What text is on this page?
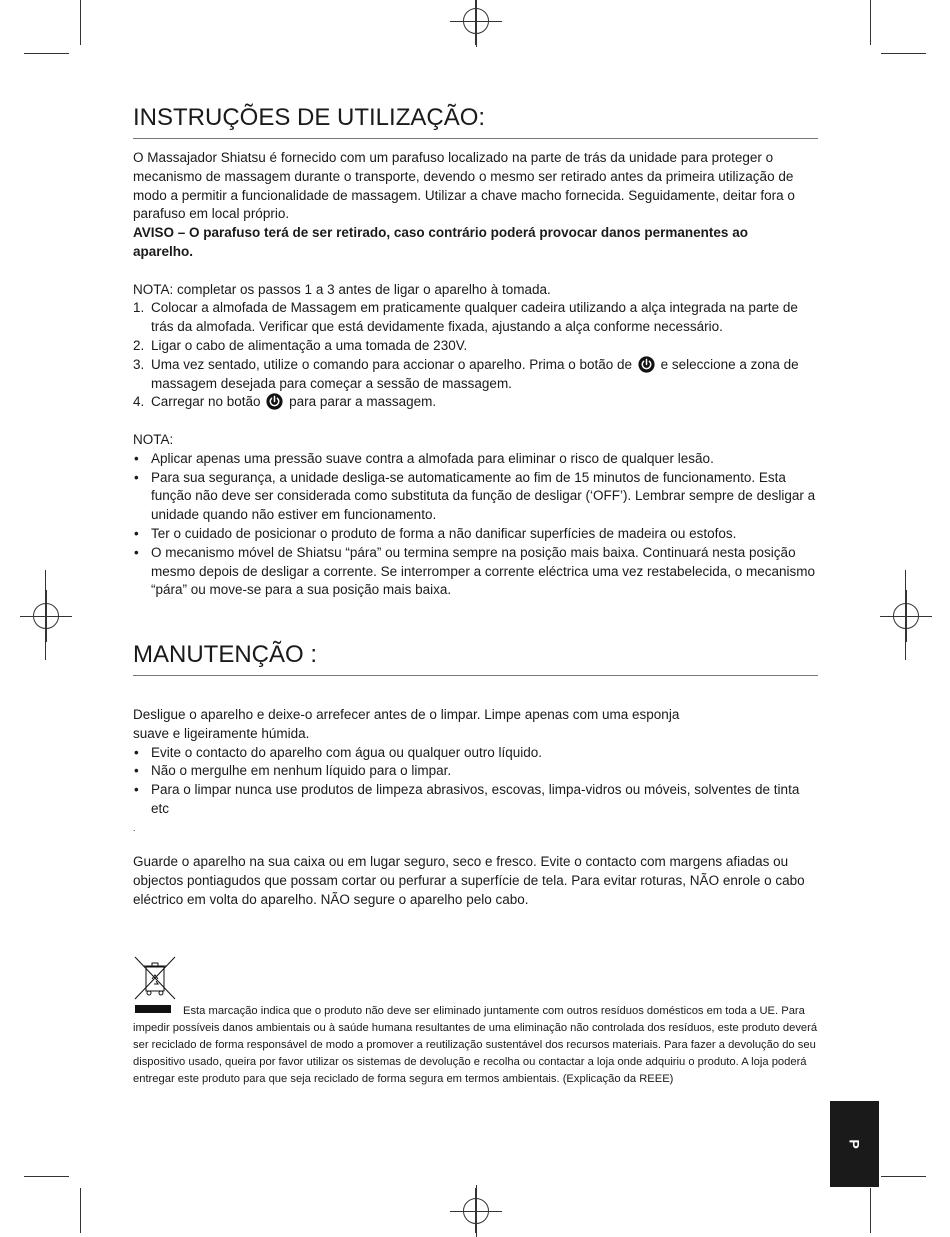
INSTRUÇÕES DE UTILIZAÇÃO:

O Massajador Shiatsu é fornecido com um parafuso localizado na parte de trás da unidade para proteger o mecanismo de massagem durante o transporte, devendo o mesmo ser retirado antes da primeira utilização de modo a permitir a funcionalidade de massagem. Utilizar a chave macho fornecida. Seguidamente, deitar fora o parafuso em local próprio.

AVISO – O parafuso terá de ser retirado, caso contrário poderá provocar danos permanentes ao aparelho.

NOTA: completar os passos 1 a 3 antes de ligar o aparelho à tomada.

1. Colocar a almofada de Massagem em praticamente qualquer cadeira utilizando a alça integrada na parte de trás da almofada. Verificar que está devidamente fixada, ajustando a alça conforme necessário.
2. Ligar o cabo de alimentação a uma tomada de 230V.
3. Uma vez sentado, utilize o comando para accionar o aparelho. Prima o botão de e seleccione a zona de massagem desejada para começar a sessão de massagem.
4. Carregar no botão para parar a massagem.

NOTA:

• Aplicar apenas uma pressão suave contra a almofada para eliminar o risco de qualquer lesão.
• Para sua segurança, a unidade desliga-se automaticamente ao fim de 15 minutos de funcionamento. Esta função não deve ser considerada como substituta da função de desligar (‘OFF’). Lembrar sempre de desligar a unidade quando não estiver em funcionamento.
• Ter o cuidado de posicionar o produto de forma a não danificar superfícies de madeira ou estofos.
• O mecanismo móvel de Shiatsu “pára” ou termina sempre na posição mais baixa. Continuará nesta posição mesmo depois de desligar a corrente. Se interromper a corrente eléctrica uma vez restabelecida, o mecanismo “pára” ou move-se para a sua posição mais baixa.
MANUTENÇÃO :

Desligue o aparelho e deixe-o arrefecer antes de o limpar. Limpe apenas com uma esponja suave e ligeiramente húmida.

• Evite o contacto do aparelho com água ou qualquer outro líquido.
• Não o mergulhe em nenhum líquido para o limpar.
• Para o limpar nunca use produtos de limpeza abrasivos, escovas, limpa-vidros ou móveis, solventes de tinta etc

.

Guarde o aparelho na sua caixa ou em lugar seguro, seco e fresco. Evite o contacto com margens afiadas ou objectos pontiagudos que possam cortar ou perfurar a superfície de tela. Para evitar roturas, NÃO enrole o cabo eléctrico em volta do aparelho. NÃO segure o aparelho pelo cabo.

Esta marcação indica que o produto não deve ser eliminado juntamente com outros resíduos domésticos em toda a UE. Para impedir possíveis danos ambientais ou à saúde humana resultantes de uma eliminação não controlada dos resíduos, este produto deverá ser reciclado de forma responsável de modo a promover a reutilização sustentável dos recursos materiais. Para fazer a devolução do seu dispositivo usado, queira por favor utilizar os sistemas de devolução e recolha ou contactar a loja onde adquiriu o produto. A loja poderá entregar este produto para que seja reciclado de forma segura em termos ambientais. (Explicação da REEE)
P
